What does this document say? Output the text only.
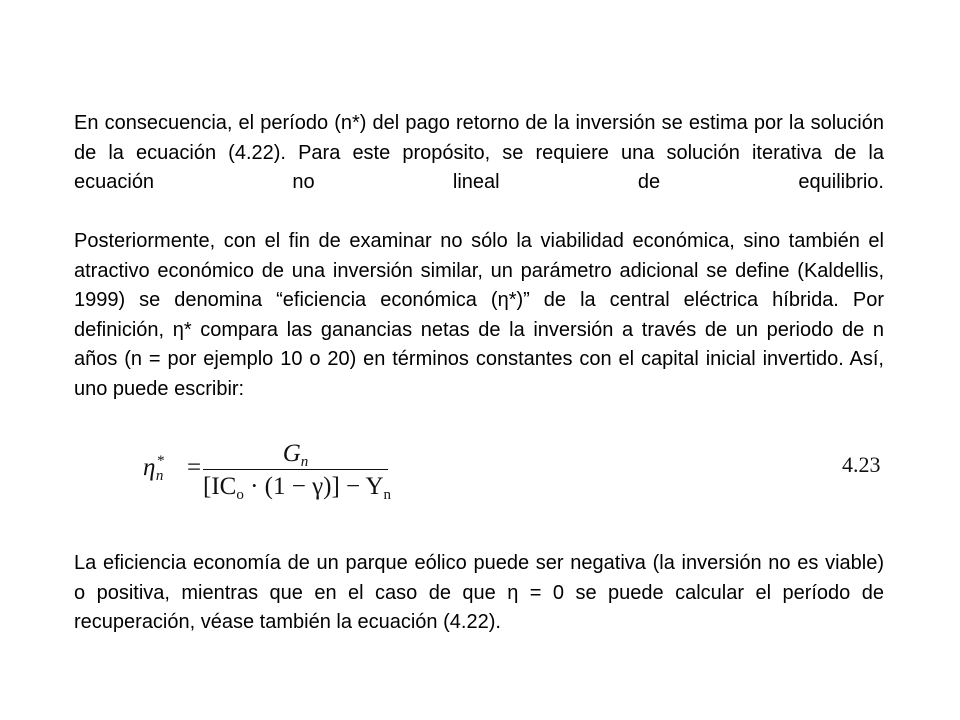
En consecuencia, el período (n*) del pago retorno de la inversión se estima por la solución de la ecuación (4.22). Para este propósito, se requiere una solución iterativa de la ecuación no lineal de equilibrio.

Posteriormente, con el fin de examinar no sólo la viabilidad económica, sino también el atractivo económico de una inversión similar, un parámetro adicional se define (Kaldellis, 1999) se denomina “eficiencia económica (η*)” de la central eléctrica híbrida. Por definición, η* compara las ganancias netas de la inversión a través de un periodo de n años (n = por ejemplo 10 o 20) en términos constantes con el capital inicial invertido. Así, uno puede escribir:

$\eta^*_n$ =
$G_n$
$[IC_o \cdot (1 - \gamma)] - Y_n$
4.23

La eficiencia economía de un parque eólico puede ser negativa (la inversión no es viable) o positiva, mientras que en el caso de que η = 0 se puede calcular el período de recuperación, véase también la ecuación (4.22).
